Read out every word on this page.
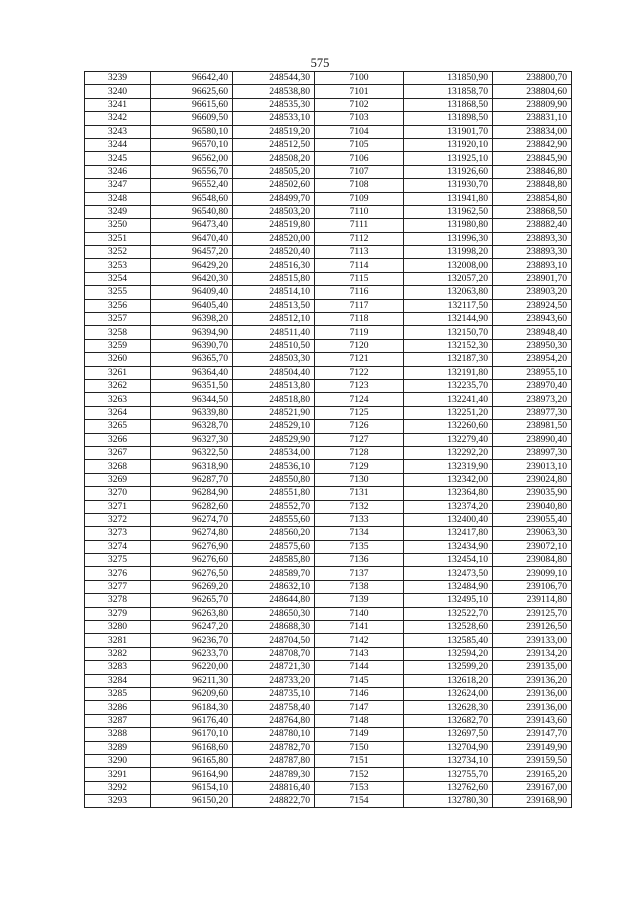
575
3239	96642,40	248544,30	7100	131850,90	238800,70
3240	96625,60	248538,80	7101	131858,70	238804,60
3241	96615,60	248535,30	7102	131868,50	238809,90
3242	96609,50	248533,10	7103	131898,50	238831,10
3243	96580,10	248519,20	7104	131901,70	238834,00
3244	96570,10	248512,50	7105	131920,10	238842,90
3245	96562,00	248508,20	7106	131925,10	238845,90
3246	96556,70	248505,20	7107	131926,60	238846,80
3247	96552,40	248502,60	7108	131930,70	238848,80
3248	96548,60	248499,70	7109	131941,80	238854,80
3249	96540,80	248503,20	7110	131962,50	238868,50
3250	96473,40	248519,80	7111	131980,80	238882,40
3251	96470,40	248520,00	7112	131996,30	238893,30
3252	96457,20	248520,40	7113	131998,20	238893,30
3253	96429,20	248516,30	7114	132008,00	238893,10
3254	96420,30	248515,80	7115	132057,20	238901,70
3255	96409,40	248514,10	7116	132063,80	238903,20
3256	96405,40	248513,50	7117	132117,50	238924,50
3257	96398,20	248512,10	7118	132144,90	238943,60
3258	96394,90	248511,40	7119	132150,70	238948,40
3259	96390,70	248510,50	7120	132152,30	238950,30
3260	96365,70	248503,30	7121	132187,30	238954,20
3261	96364,40	248504,40	7122	132191,80	238955,10
3262	96351,50	248513,80	7123	132235,70	238970,40
3263	96344,50	248518,80	7124	132241,40	238973,20
3264	96339,80	248521,90	7125	132251,20	238977,30
3265	96328,70	248529,10	7126	132260,60	238981,50
3266	96327,30	248529,90	7127	132279,40	238990,40
3267	96322,50	248534,00	7128	132292,20	238997,30
3268	96318,90	248536,10	7129	132319,90	239013,10
3269	96287,70	248550,80	7130	132342,00	239024,80
3270	96284,90	248551,80	7131	132364,80	239035,90
3271	96282,60	248552,70	7132	132374,20	239040,80
3272	96274,70	248555,60	7133	132400,40	239055,40
3273	96274,80	248560,20	7134	132417,80	239063,30
3274	96276,90	248575,60	7135	132434,90	239072,10
3275	96276,60	248585,80	7136	132454,10	239084,80
3276	96276,50	248589,70	7137	132473,50	239099,10
3277	96269,20	248632,10	7138	132484,90	239106,70
3278	96265,70	248644,80	7139	132495,10	239114,80
3279	96263,80	248650,30	7140	132522,70	239125,70
3280	96247,20	248688,30	7141	132528,60	239126,50
3281	96236,70	248704,50	7142	132585,40	239133,00
3282	96233,70	248708,70	7143	132594,20	239134,20
3283	96220,00	248721,30	7144	132599,20	239135,00
3284	96211,30	248733,20	7145	132618,20	239136,20
3285	96209,60	248735,10	7146	132624,00	239136,00
3286	96184,30	248758,40	7147	132628,30	239136,00
3287	96176,40	248764,80	7148	132682,70	239143,60
3288	96170,10	248780,10	7149	132697,50	239147,70
3289	96168,60	248782,70	7150	132704,90	239149,90
3290	96165,80	248787,80	7151	132734,10	239159,50
3291	96164,90	248789,30	7152	132755,70	239165,20
3292	96154,10	248816,40	7153	132762,60	239167,00
3293	96150,20	248822,70	7154	132780,30	239168,90
